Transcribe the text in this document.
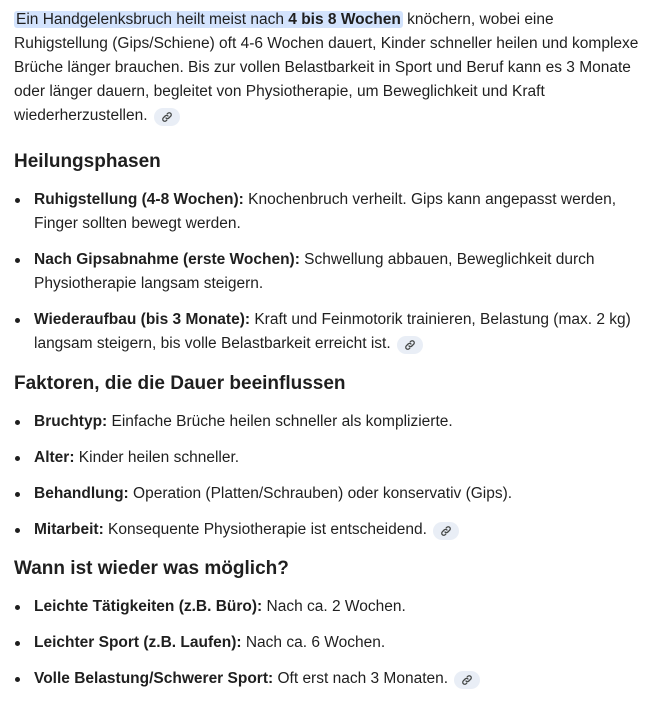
Ein Handgelenksbruch heilt meist nach 4 bis 8 Wochen knöchern, wobei eine Ruhigstellung (Gips/Schiene) oft 4-6 Wochen dauert, Kinder schneller heilen und komplexe Brüche länger brauchen. Bis zur vollen Belastbarkeit in Sport und Beruf kann es 3 Monate oder länger dauern, begleitet von Physiotherapie, um Beweglichkeit und Kraft wiederherzustellen.

Heilungsphasen
Ruhigstellung (4-8 Wochen): Knochenbruch verheilt. Gips kann angepasst werden, Finger sollten bewegt werden.
Nach Gipsabnahme (erste Wochen): Schwellung abbauen, Beweglichkeit durch Physiotherapie langsam steigern.
Wiederaufbau (bis 3 Monate): Kraft und Feinmotorik trainieren, Belastung (max. 2 kg) langsam steigern, bis volle Belastbarkeit erreicht ist.
Faktoren, die die Dauer beeinflussen
Bruchtyp: Einfache Brüche heilen schneller als komplizierte.
Alter: Kinder heilen schneller.
Behandlung: Operation (Platten/Schrauben) oder konservativ (Gips).
Mitarbeit: Konsequente Physiotherapie ist entscheidend.
Wann ist wieder was möglich?
Leichte Tätigkeiten (z.B. Büro): Nach ca. 2 Wochen.
Leichter Sport (z.B. Laufen): Nach ca. 6 Wochen.
Volle Belastung/Schwerer Sport: Oft erst nach 3 Monaten.
